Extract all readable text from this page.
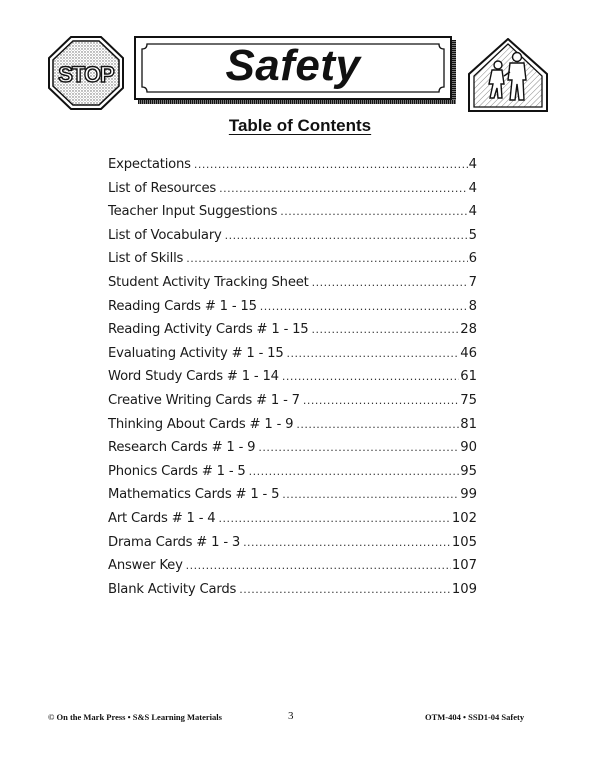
STOP	Safety
Table of Contents
Expectations .....	4
List of Resources .....	4
Teacher Input Suggestions .....	4
List of Vocabulary .....	5
List of Skills .....	6
Student Activity Tracking Sheet .....	7
Reading Cards # 1 - 15 .....	8
Reading Activity Cards # 1 - 15 .....	28
Evaluating Activity # 1 - 15 .....	46
Word Study Cards # 1 - 14 .....	61
Creative Writing Cards # 1 - 7 .....	75
Thinking About Cards # 1 - 9 .....	81
Research Cards # 1 - 9 .....	90
Phonics Cards # 1 - 5 .....	95
Mathematics Cards # 1 - 5 .....	99
Art Cards # 1 - 4 .....	102
Drama Cards # 1 - 3 .....	105
Answer Key .....	107
Blank Activity Cards .....	109
© On the Mark Press • S&S Learning Materials	3	OTM-404 • SSD1-04 Safety
